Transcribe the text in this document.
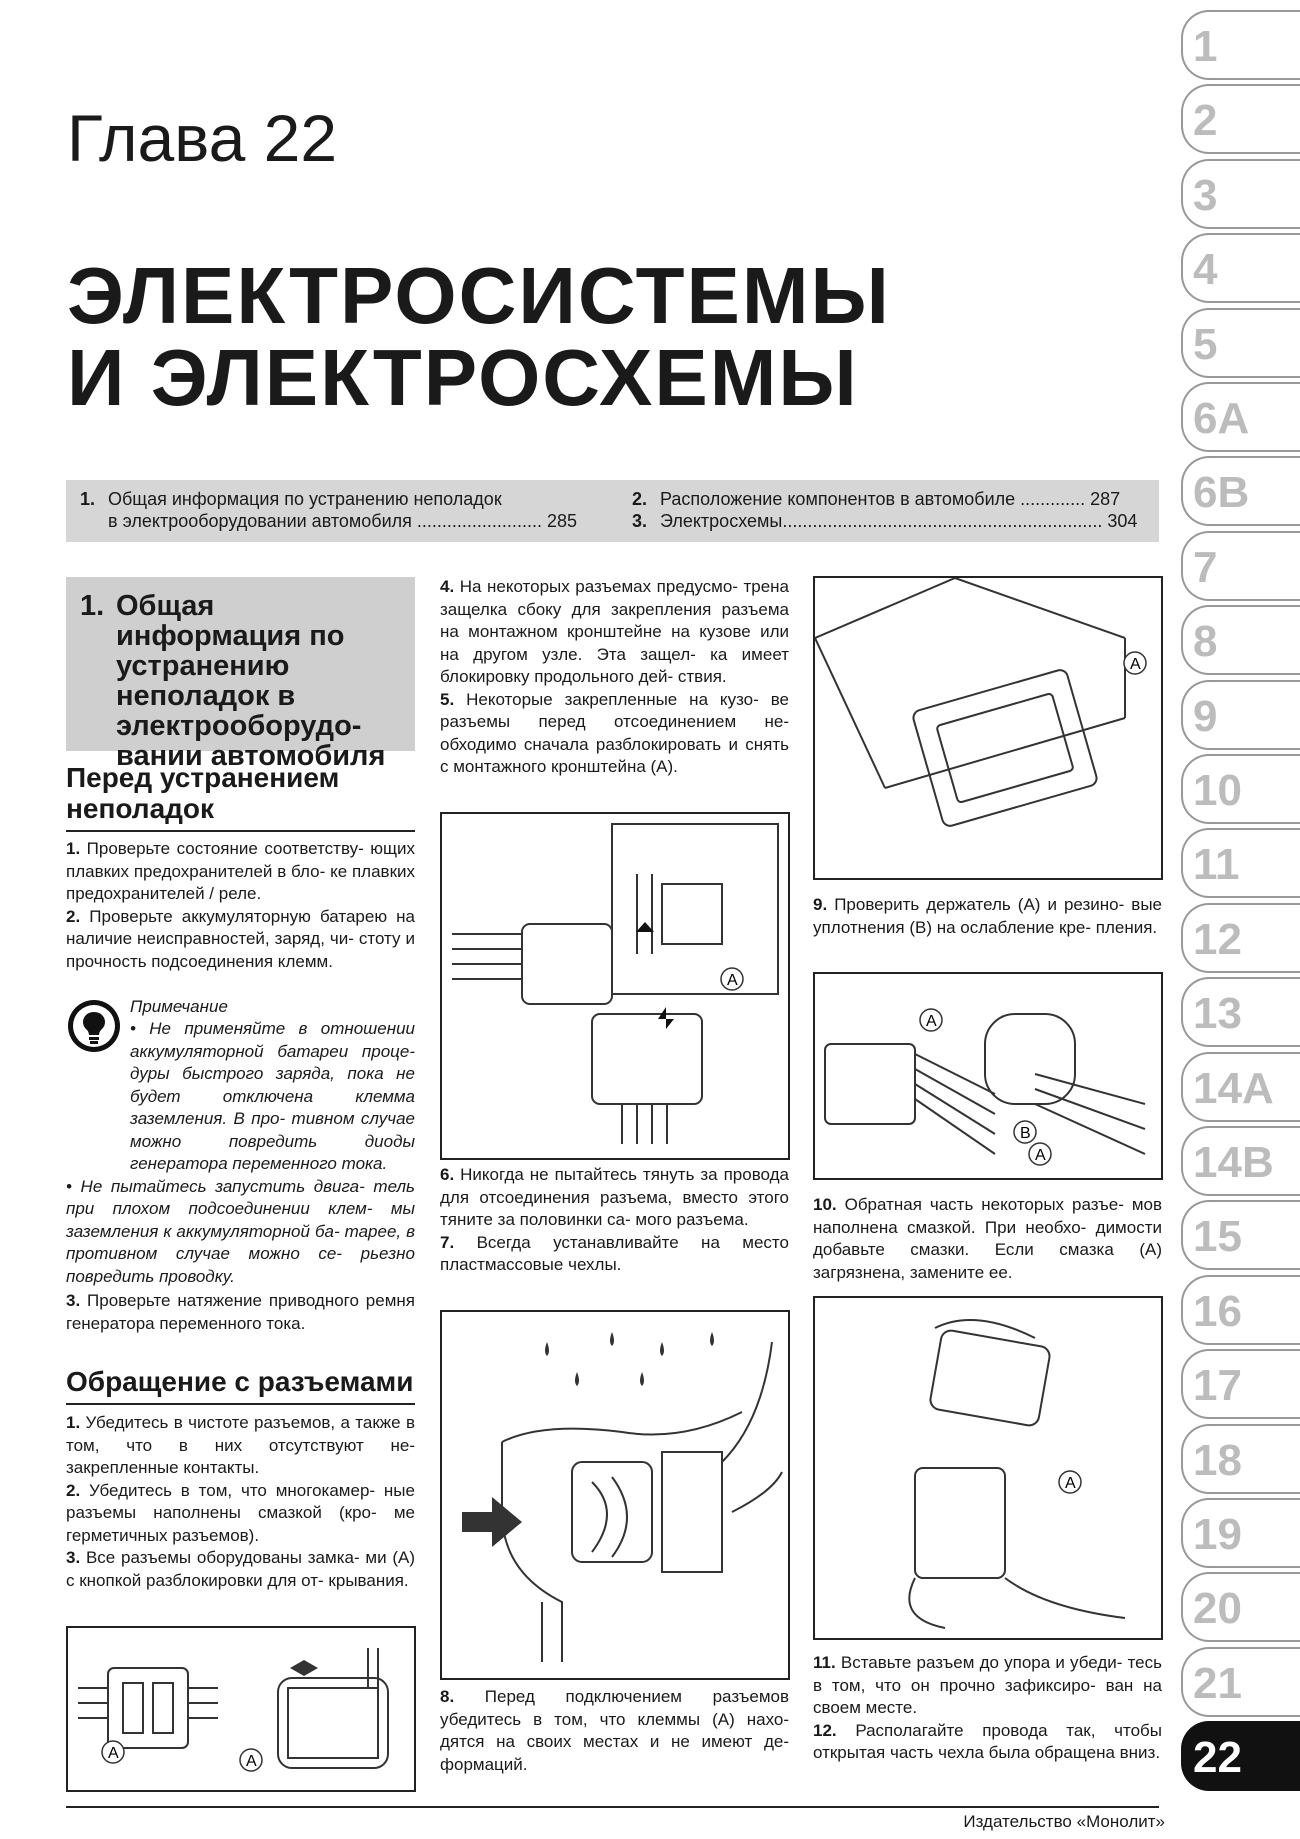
Глава 22
ЭЛЕКТРОСИСТЕМЫ
И ЭЛЕКТРОСХЕМЫ
1. Общая информация по устранению неполадок
в электрооборудовании автомобиля ......................... 285
2. Расположение компонентов в автомобиле ............. 287
3. Электросхемы................................................................ 304
1. Общая информация по устранению неполадок в электрооборудо- вании автомобиля
Перед устранением неполадок
1. Проверьте состояние соответству- ющих плавких предохранителей в бло- ке плавких предохранителей / реле.
2. Проверьте аккумуляторную батарею на наличие неисправностей, заряд, чи- стоту и прочность подсоединения клемм.
Примечание
• Не применяйте в отношении аккумуляторной батареи проце- дуры быстрого заряда, пока не будет отключена клемма заземления. В про- тивном случае можно повредить диоды генератора переменного тока.
• Не пытайтесь запустить двига- тель при плохом подсоединении клем- мы заземления к аккумуляторной ба- тарее, в противном случае можно се- рьезно повредить проводку.
3. Проверьте натяжение приводного ремня генератора переменного тока.
Обращение с разъемами
1. Убедитесь в чистоте разъемов, а также в том, что в них отсутствуют не- закрепленные контакты.
2. Убедитесь в том, что многокамер- ные разъемы наполнены смазкой (кро- ме герметичных разъемов).
3. Все разъемы оборудованы замка- ми (А) с кнопкой разблокировки для от- крывания.
A	A
4. На некоторых разъемах предусмо- трена защелка сбоку для закрепления разъема на монтажном кронштейне на кузове или на другом узле. Эта защел- ка имеет блокировку продольного дей- ствия.
5. Некоторые закрепленные на кузо- ве разъемы перед отсоединением не- обходимо сначала разблокировать и снять с монтажного кронштейна (А).
A
6. Никогда не пытайтесь тянуть за провода для отсоединения разъема, вместо этого тяните за половинки са- мого разъема.
7. Всегда устанавливайте на место пластмассовые чехлы.
8. Перед подключением разъемов убедитесь в том, что клеммы (А) нахо- дятся на своих местах и не имеют де- формаций.
A
9. Проверить держатель (А) и резино- вые уплотнения (В) на ослабление кре- пления.
A
B
A
10. Обратная часть некоторых разъе- мов наполнена смазкой. При необхо- димости добавьте смазки. Если смазка (А) загрязнена, замените ее.
A
11. Вставьте разъем до упора и убеди- тесь в том, что он прочно зафиксиро- ван на своем месте.
12. Располагайте провода так, чтобы открытая часть чехла была обращена вниз.
Издательство «Монолит»
1
2
3
4
5
6A
6B
7
8
9
10
11
12
13
14A
14B
15
16
17
18
19
20
21
22
